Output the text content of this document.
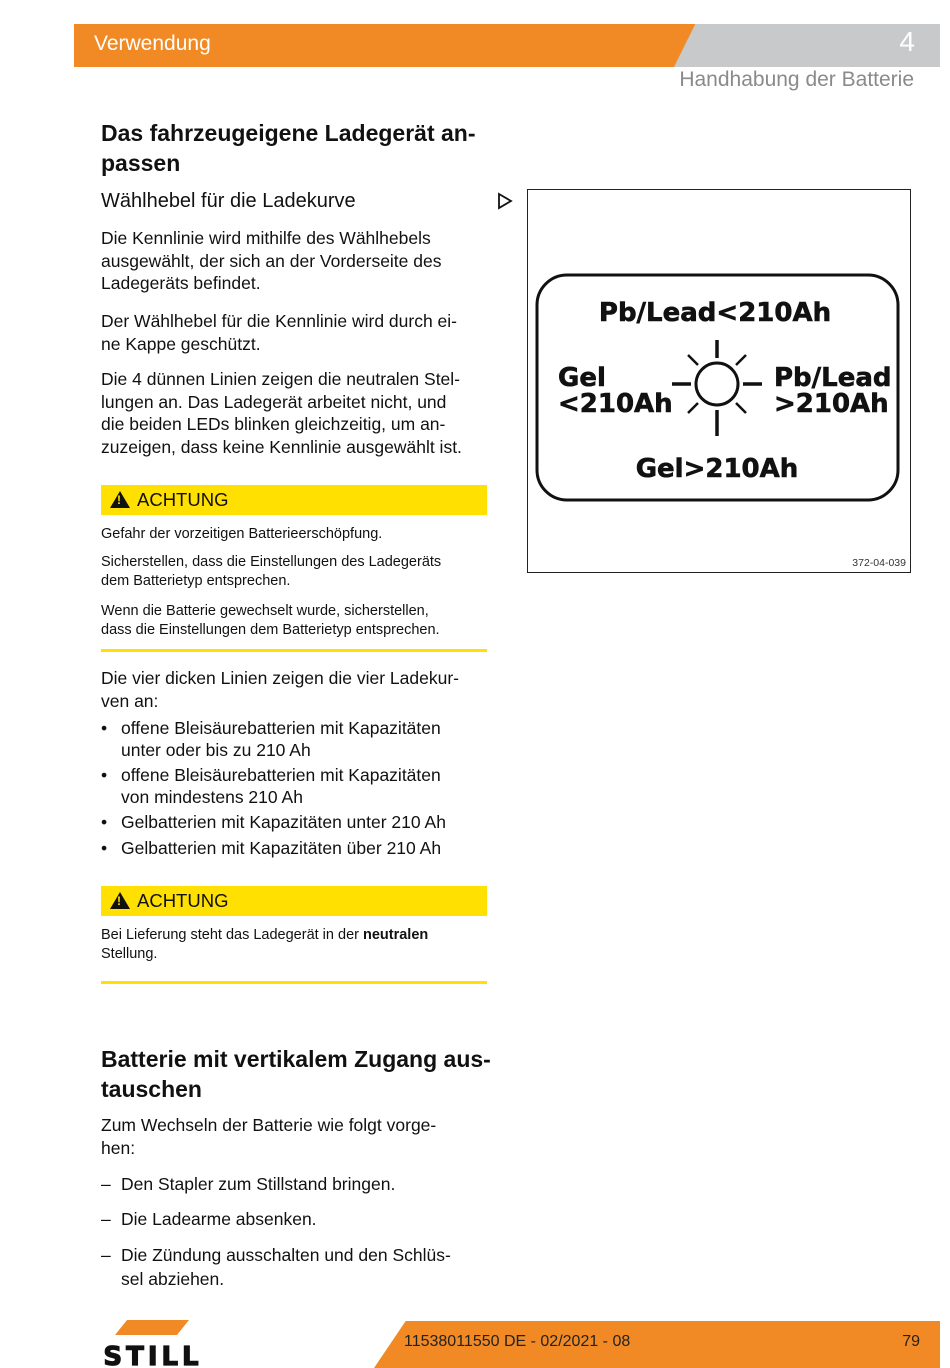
Verwendung	4
Handhabung der Batterie
Das fahrzeugeigene Ladegerät an-
passen
Wählhebel für die Ladekurve

Die Kennlinie wird mithilfe des Wählhebels
ausgewählt, der sich an der Vorderseite des
Ladegeräts befindet.

Der Wählhebel für die Kennlinie wird durch ei-
ne Kappe geschützt.

Die 4 dünnen Linien zeigen die neutralen Stel-
lungen an. Das Ladegerät arbeitet nicht, und
die beiden LEDs blinken gleichzeitig, um an-
zuzeigen, dass keine Kennlinie ausgewählt ist.

!ACHTUNG

Gefahr der vorzeitigen Batterieerschöpfung.

Sicherstellen, dass die Einstellungen des Ladegeräts
dem Batterietyp entsprechen.

Wenn die Batterie gewechselt wurde, sicherstellen,
dass die Einstellungen dem Batterietyp entsprechen.

Die vier dicken Linien zeigen die vier Ladekur-
ven an:

• offene Bleisäurebatterien mit Kapazitäten
unter oder bis zu 210 Ah
• offene Bleisäurebatterien mit Kapazitäten
von mindestens 210 Ah
• Gelbatterien mit Kapazitäten unter 210 Ah
• Gelbatterien mit Kapazitäten über 210 Ah
!ACHTUNG

Bei Lieferung steht das Ladegerät in der neutralen
Stellung.

Batterie mit vertikalem Zugang aus-
tauschen

Zum Wechseln der Batterie wie folgt vorge-
hen:

– Den Stapler zum Stillstand bringen.
– Die Ladearme absenken.
– Die Zündung ausschalten und den Schlüs-
sel abziehen.
Pb/Lead<210Ah
Gel
<210Ah
Pb/Lead
>210Ah
Gel>210Ah
372-04-039
11538011550 DE - 02/2021 - 08	79
STILL
